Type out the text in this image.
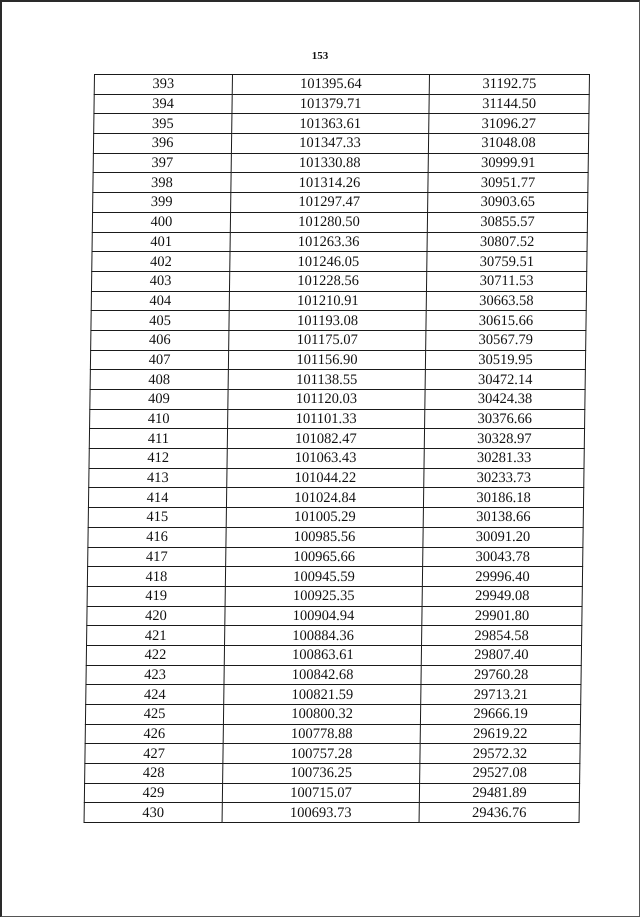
153
393	101395.64	31192.75
394	101379.71	31144.50
395	101363.61	31096.27
396	101347.33	31048.08
397	101330.88	30999.91
398	101314.26	30951.77
399	101297.47	30903.65
400	101280.50	30855.57
401	101263.36	30807.52
402	101246.05	30759.51
403	101228.56	30711.53
404	101210.91	30663.58
405	101193.08	30615.66
406	101175.07	30567.79
407	101156.90	30519.95
408	101138.55	30472.14
409	101120.03	30424.38
410	101101.33	30376.66
411	101082.47	30328.97
412	101063.43	30281.33
413	101044.22	30233.73
414	101024.84	30186.18
415	101005.29	30138.66
416	100985.56	30091.20
417	100965.66	30043.78
418	100945.59	29996.40
419	100925.35	29949.08
420	100904.94	29901.80
421	100884.36	29854.58
422	100863.61	29807.40
423	100842.68	29760.28
424	100821.59	29713.21
425	100800.32	29666.19
426	100778.88	29619.22
427	100757.28	29572.32
428	100736.25	29527.08
429	100715.07	29481.89
430	100693.73	29436.76
